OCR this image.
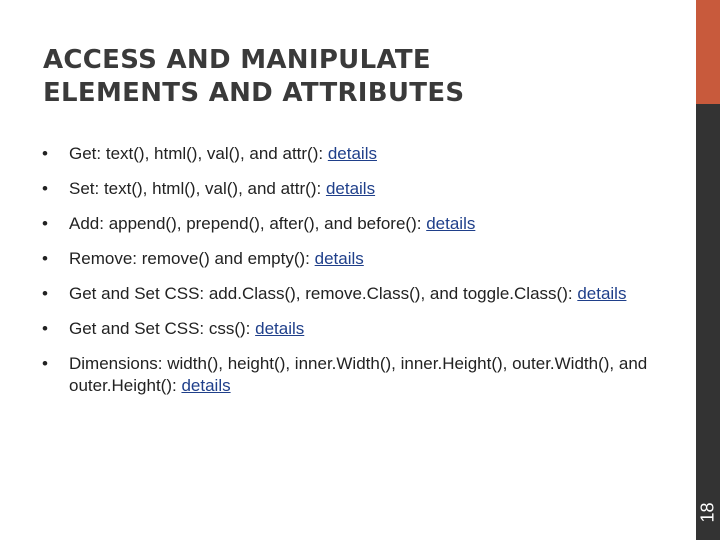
ACCESS AND MANIPULATE
ELEMENTS AND ATTRIBUTES
•	Get: text(), html(), val(), and attr(): details
•	Set: text(), html(), val(), and attr(): details
•	Add: append(), prepend(), after(), and before(): details
•	Remove: remove() and empty(): details
•	Get and Set CSS: add.Class(), remove.Class(), and toggle.Class(): details
•	Get and Set CSS: css(): details
•	Dimensions: width(), height(), inner.Width(), inner.Height(), outer.Width(), and outer.Height(): details
18
